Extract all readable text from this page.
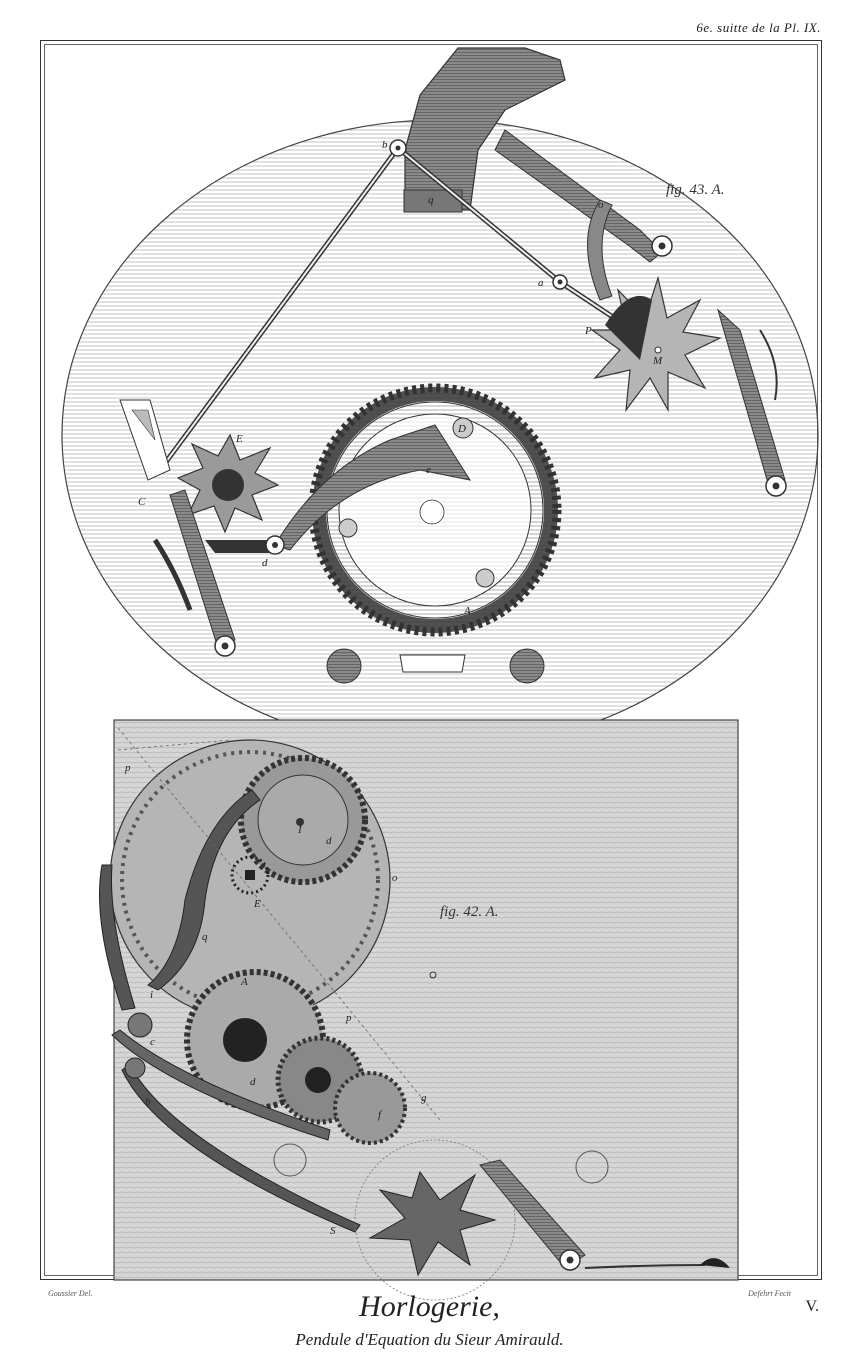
6e. suitte de la Pl. IX.
fig. 43. A.
b
a
o
q
P
M
E
C
D
e
d
A
fig. 42. A.
p
I
d
E
o
q
A
p
c
b
d
f
g
S
i
Goussier Del.	Defehrt Fecit
V.
Horlogerie,
Pendule d'Equation du Sieur Amirauld.
